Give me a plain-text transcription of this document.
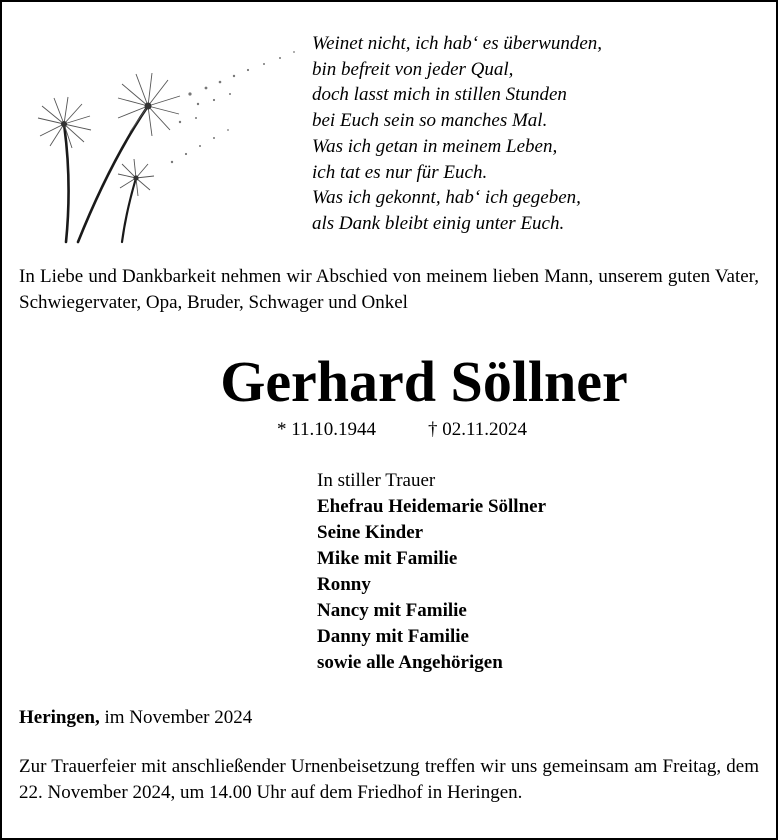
Weinet nicht, ich hab‘ es überwunden,
bin befreit von jeder Qual,
doch lasst mich in stillen Stunden
bei Euch sein so manches Mal.
Was ich getan in meinem Leben,
ich tat es nur für Euch.
Was ich gekonnt, hab‘ ich gegeben,
als Dank bleibt einig unter Euch.

In Liebe und Dankbarkeit nehmen wir Abschied von meinem lieben Mann, unserem guten Vater, Schwiegervater, Opa, Bruder, Schwager und Onkel

Gerhard Söllner
* 11.10.1944	† 02.11.2024
In stiller Trauer
Ehefrau Heidemarie Söllner
Seine Kinder
Mike mit Familie
Ronny
Nancy mit Familie
Danny mit Familie
sowie alle Angehörigen
Heringen, im November 2024

Zur Trauerfeier mit anschließender Urnenbeisetzung treffen wir uns gemeinsam am Freitag, dem 22. November 2024, um 14.00 Uhr auf dem Friedhof in Heringen.
